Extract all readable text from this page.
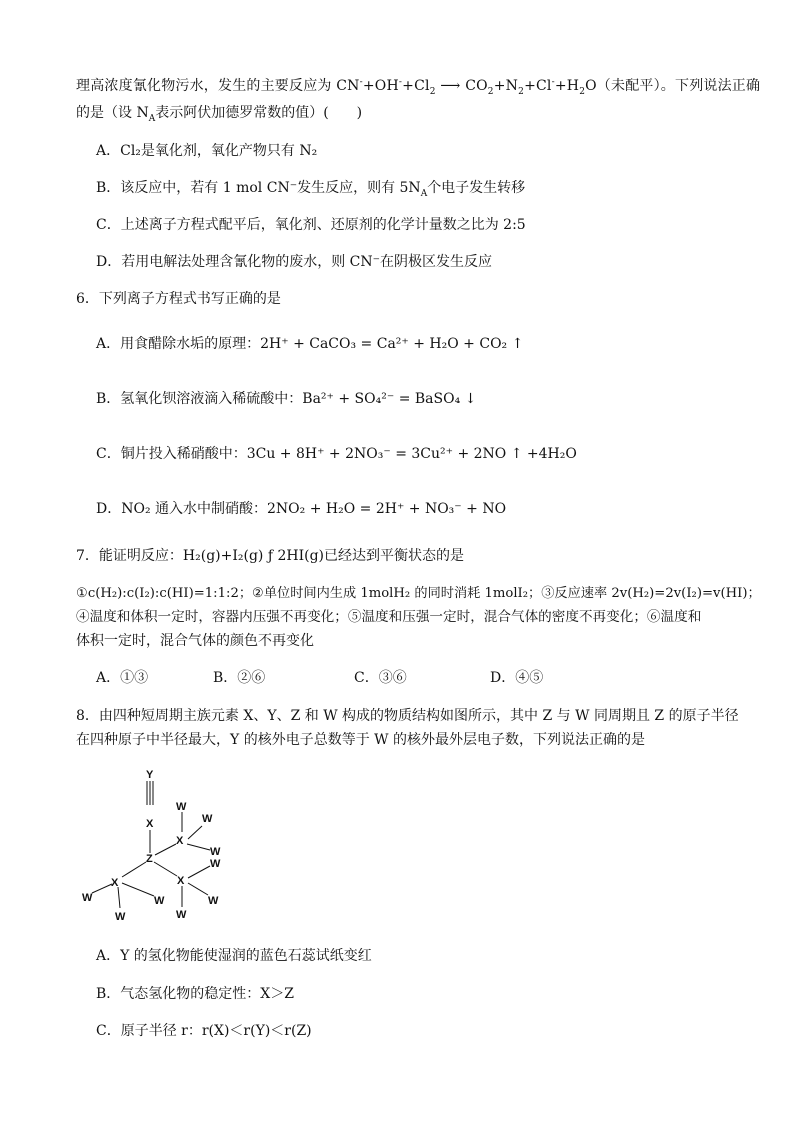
理高浓度氰化物污水，发生的主要反应为 $CN^-+OH^-+Cl_2$ ⟶ $CO_2+N_2+Cl^-+H_2O$（未配平）。下列说法正确
的是（设 $N_A$表示阿伏加德罗常数的值）(　　)
A．Cl₂是氧化剂，氧化产物只有 N₂
B．该反应中，若有 1 mol CN⁻发生反应，则有 $5N_A$个电子发生转移
C．上述离子方程式配平后，氧化剂、还原剂的化学计量数之比为 2:5
D．若用电解法处理含氰化物的废水，则 CN⁻在阴极区发生反应
6．下列离子方程式书写正确的是
A．用食醋除水垢的原理：2H⁺ + CaCO₃ = Ca²⁺ + H₂O + CO₂ ↑
B．氢氧化钡溶液滴入稀硫酸中：Ba²⁺ + SO₄²⁻ = BaSO₄ ↓
C．铜片投入稀硝酸中：3Cu + 8H⁺ + 2NO₃⁻ = 3Cu²⁺ + 2NO ↑ +4H₂O
D．NO₂ 通入水中制硝酸：2NO₂ + H₂O = 2H⁺ + NO₃⁻ + NO
7．能证明反应：H₂(g)+I₂(g) ƒ 2HI(g)已经达到平衡状态的是
①c(H₂):c(I₂):c(HI)=1:1:2；②单位时间内生成 1molH₂ 的同时消耗 1molI₂；③反应速率 2v(H₂)=2v(I₂)=v(HI)；
④温度和体积一定时，容器内压强不再变化；⑤温度和压强一定时，混合气体的密度不再变化；⑥温度和
体积一定时，混合气体的颜色不再变化
A．①③	B．②⑥	C．③⑥	D．④⑤
8．由四种短周期主族元素 X、Y、Z 和 W 构成的物质结构如图所示，其中 Z 与 W 同周期且 Z 的原子半径
在四种原子中半径最大，Y 的核外电子总数等于 W 的核外最外层电子数，下列说法正确的是
Y
X
Z
X
X
X
W
W
W
W
W
W
W
W
W
A．Y 的氢化物能使湿润的蓝色石蕊试纸变红
B．气态氢化物的稳定性：X＞Z
C．原子半径 r：r(X)＜r(Y)＜r(Z)
